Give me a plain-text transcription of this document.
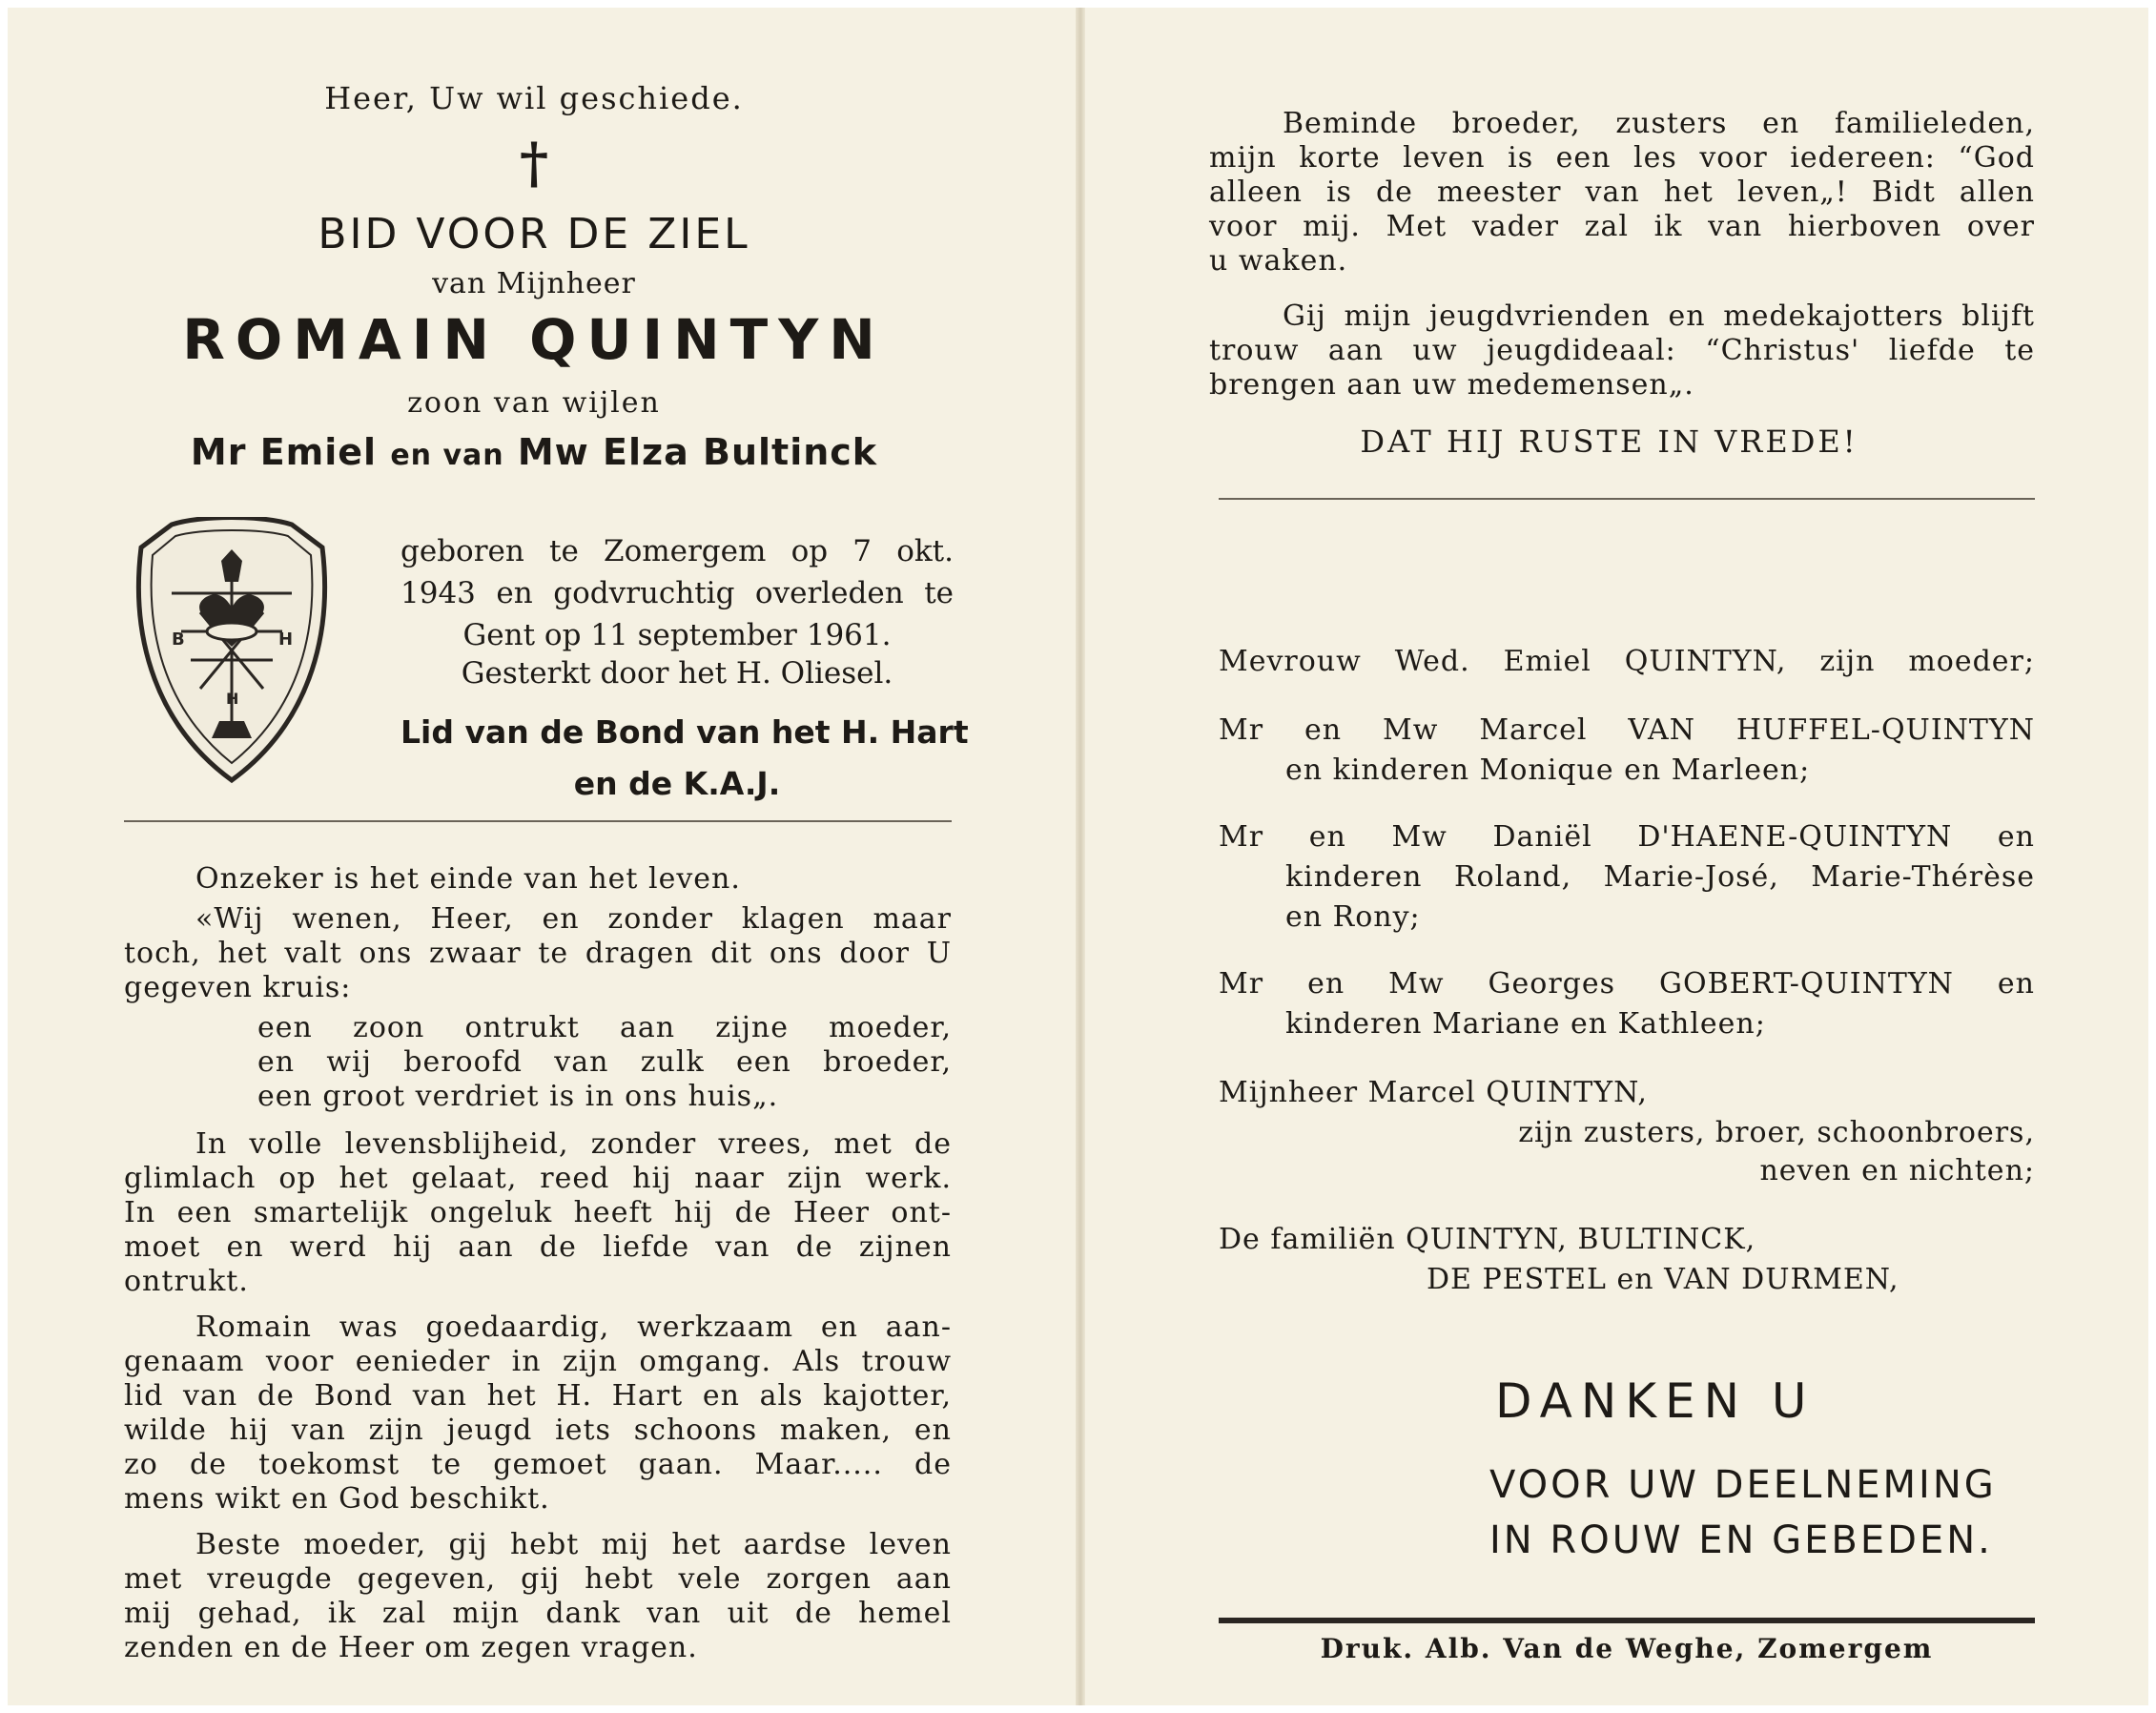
Heer, Uw wil geschiede.
†
BID VOOR DE ZIEL
van Mijnheer
ROMAIN QUINTYN
zoon van wijlen
Mr Emiel en van Mw Elza Bultinck
B	H
H
geboren te Zomergem op 7 okt.
1943 en godvruchtig overleden te
Gent op 11 september 1961.
Gesterkt door het H. Oliesel.
Lid van de Bond van het H. Hart
en de K.A.J.
Onzeker is het einde van het leven.
«Wij wenen, Heer, en zonder klagen maar
toch, het valt ons zwaar te dragen dit ons door U
gegeven kruis:
een zoon ontrukt aan zijne moeder,
en wij beroofd van zulk een broeder,
een groot verdriet is in ons huis„.
In volle levensblijheid, zonder vrees, met de
glimlach op het gelaat, reed hij naar zijn werk.
In een smartelijk ongeluk heeft hij de Heer ont-
moet en werd hij aan de liefde van de zijnen
ontrukt.
Romain was goedaardig, werkzaam en aan-
genaam voor eenieder in zijn omgang. Als trouw
lid van de Bond van het H. Hart en als kajotter,
wilde hij van zijn jeugd iets schoons maken, en
zo de toekomst te gemoet gaan. Maar..... de
mens wikt en God beschikt.
Beste moeder, gij hebt mij het aardse leven
met vreugde gegeven, gij hebt vele zorgen aan
mij gehad, ik zal mijn dank van uit de hemel
zenden en de Heer om zegen vragen.
Beminde broeder, zusters en familieleden,
mijn korte leven is een les voor iedereen: “God
alleen is de meester van het leven„! Bidt allen
voor mij. Met vader zal ik van hierboven over
u waken.
Gij mijn jeugdvrienden en medekajotters blijft
trouw aan uw jeugdideaal: “Christus' liefde te
brengen aan uw medemensen„.
DAT HIJ RUSTE IN VREDE!
Mevrouw Wed. Emiel QUINTYN, zijn moeder;
Mr en Mw Marcel VAN HUFFEL-QUINTYN
en kinderen Monique en Marleen;
Mr en Mw Daniël D'HAENE-QUINTYN en
kinderen Roland, Marie-José, Marie-Thérèse
en Rony;
Mr en Mw Georges GOBERT-QUINTYN en
kinderen Mariane en Kathleen;
Mijnheer Marcel QUINTYN,
zijn zusters, broer, schoonbroers,
neven en nichten;
De familiën QUINTYN, BULTINCK,
DE PESTEL en VAN DURMEN,
DANKEN U
VOOR UW DEELNEMING
IN ROUW EN GEBEDEN.
Druk. Alb. Van de Weghe, Zomergem
